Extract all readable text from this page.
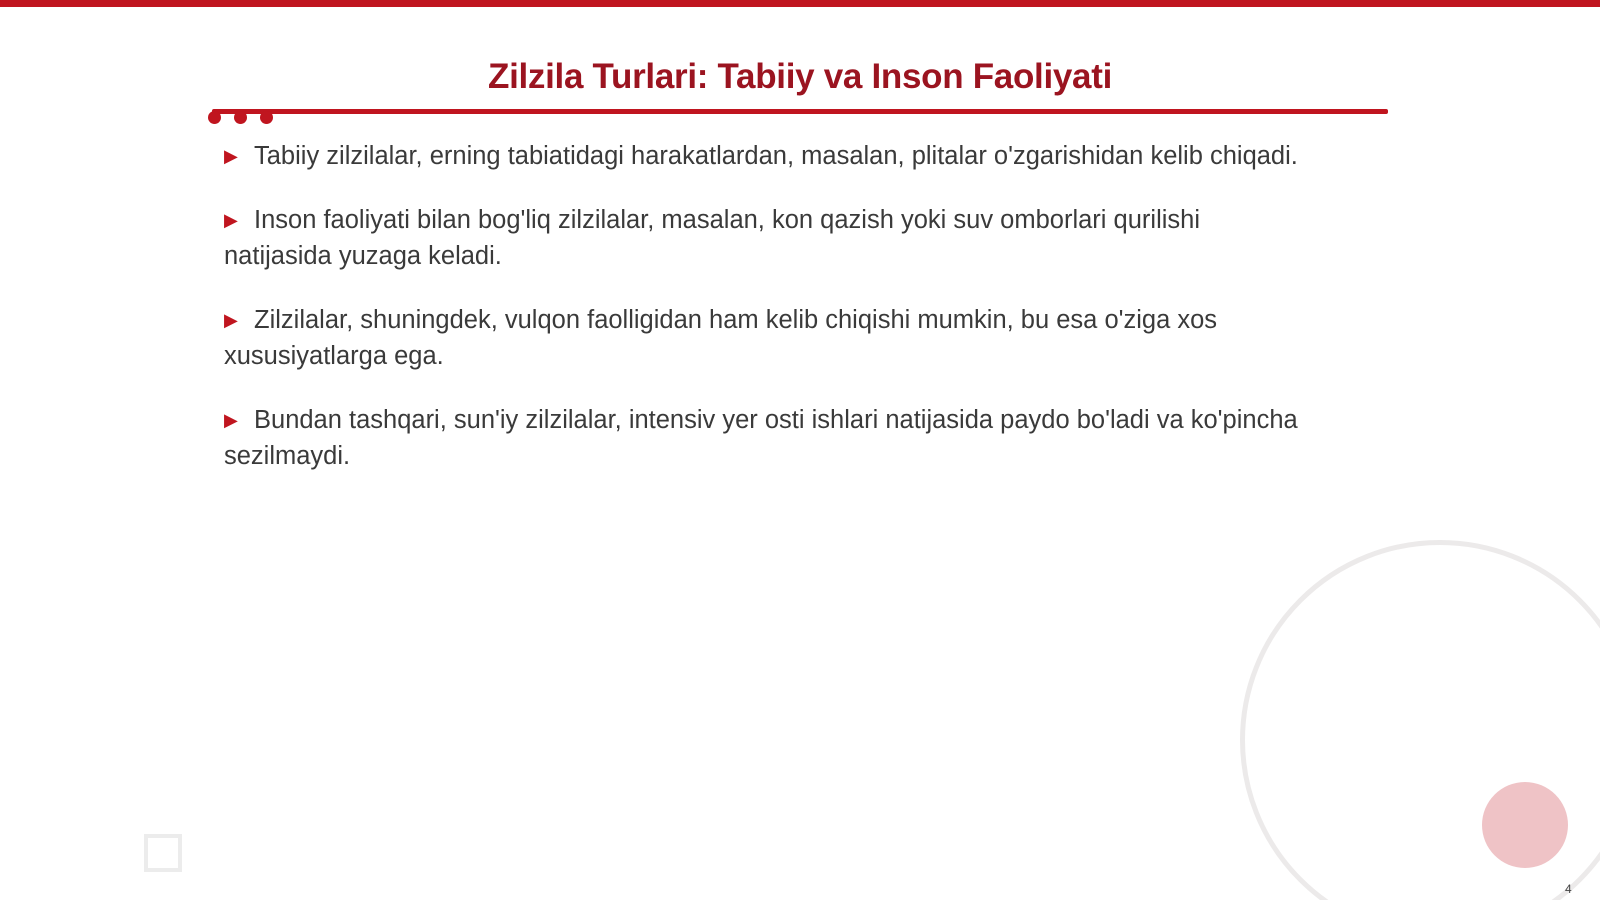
Zilzila Turlari: Tabiiy va Inson Faoliyati
▶ Tabiiy zilzilalar, erning tabiatidagi harakatlardan, masalan, plitalar o'zgarishidan kelib chiqadi.
▶ Inson faoliyati bilan bog'liq zilzilalar, masalan, kon qazish yoki suv omborlari qurilishi natijasida yuzaga keladi.
▶ Zilzilalar, shuningdek, vulqon faolligidan ham kelib chiqishi mumkin, bu esa o'ziga xos xususiyatlarga ega.
▶ Bundan tashqari, sun'iy zilzilalar, intensiv yer osti ishlari natijasida paydo bo'ladi va ko'pincha sezilmaydi.
4
